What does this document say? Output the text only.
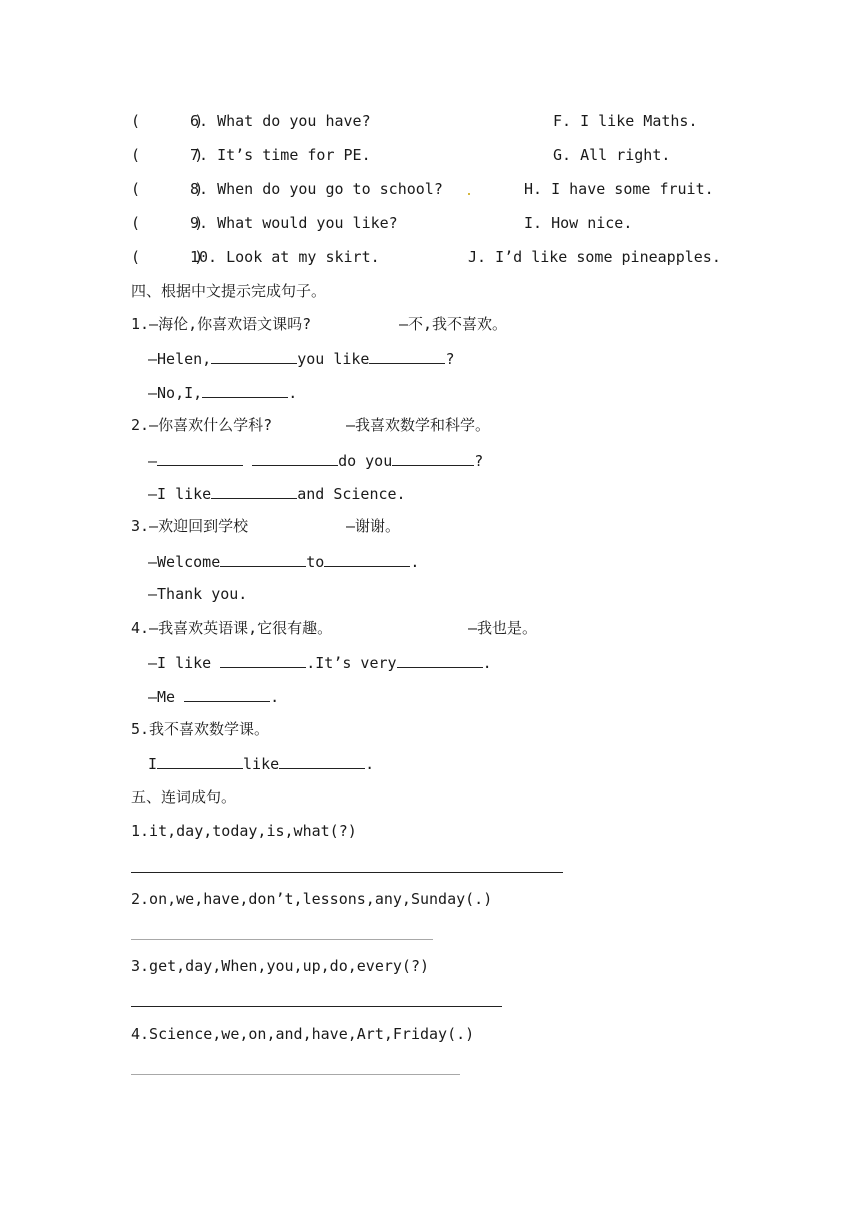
(      )
6. What do you have?	F. I like Maths.
(      )
7. It’s time for PE.	G. All right.
(      )
8. When do you go to school?	H. I have some fruit.
(      )
9. What would you like?	I. How nice.
(      )
10. Look at my skirt.	J. I’d like some pineapples.
四、根据中文提示完成句子。
1.—海伦,你喜欢语文课吗?	—不,我不喜欢。
—Helen,	you like	?
—No,I,	.
2.—你喜欢什么学科?	—我喜欢数学和科学。
—	do you	?
—I like	and Science.
3.—欢迎回到学校	—谢谢。
—Welcome	to	.
—Thank you.
4.—我喜欢英语课,它很有趣。	—我也是。
—I like	.It’s very	.
—Me	.
5.我不喜欢数学课。
I	like	.
五、连词成句。
1.it,day,today,is,what(?)
2.on,we,have,don’t,lessons,any,Sunday(.)
3.get,day,When,you,up,do,every(?)
4.Science,we,on,and,have,Art,Friday(.)
